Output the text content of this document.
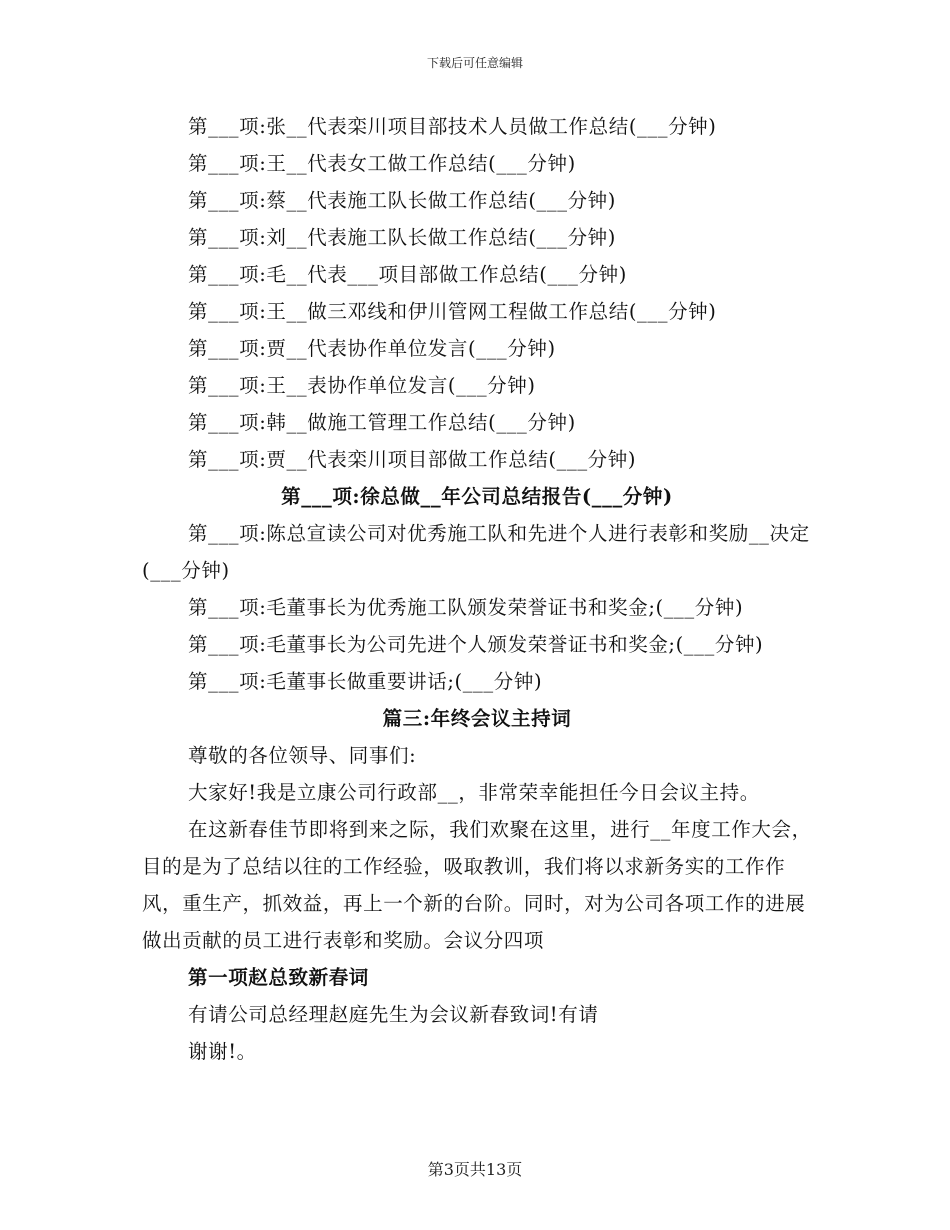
下载后可任意编辑

第___项:张__代表栾川项目部技术人员做工作总结(___分钟)

第___项:王__代表女工做工作总结(___分钟)

第___项:蔡__代表施工队长做工作总结(___分钟)

第___项:刘__代表施工队长做工作总结(___分钟)

第___项:毛__代表___项目部做工作总结(___分钟)

第___项:王__做三邓线和伊川管网工程做工作总结(___分钟)

第___项:贾__代表协作单位发言(___分钟)

第___项:王__表协作单位发言(___分钟)

第___项:韩__做施工管理工作总结(___分钟)

第___项:贾__代表栾川项目部做工作总结(___分钟)

第___项:徐总做__年公司总结报告(___分钟)

第___项:陈总宣读公司对优秀施工队和先进个人进行表彰和奖励__决定(___分钟)

第___项:毛董事长为优秀施工队颁发荣誉证书和奖金;(___分钟)

第___项:毛董事长为公司先进个人颁发荣誉证书和奖金;(___分钟)

第___项:毛董事长做重要讲话;(___分钟)

篇三:年终会议主持词

尊敬的各位领导、同事们:

大家好!我是立康公司行政部__，非常荣幸能担任今日会议主持。

在这新春佳节即将到来之际，我们欢聚在这里，进行__年度工作大会，目的是为了总结以往的工作经验，吸取教训，我们将以求新务实的工作作风，重生产，抓效益，再上一个新的台阶。同时，对为公司各项工作的进展做出贡献的员工进行表彰和奖励。会议分四项

第一项赵总致新春词

有请公司总经理赵庭先生为会议新春致词!有请

谢谢!。

第3页共13页
